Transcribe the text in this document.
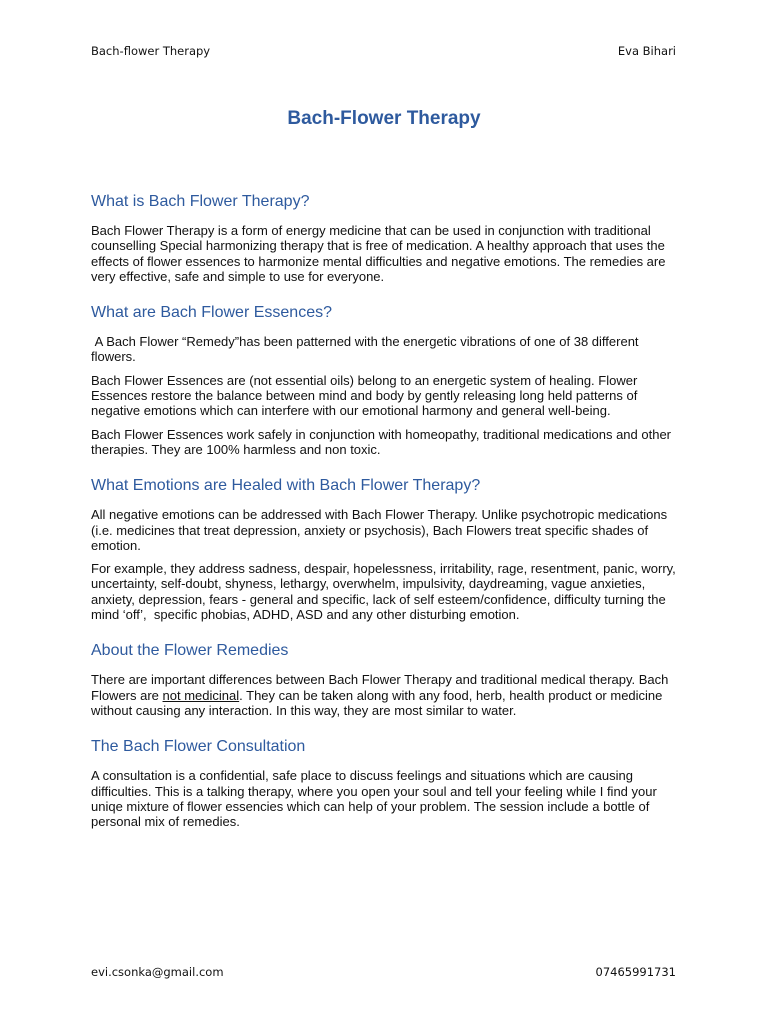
Bach-flower Therapy	Eva Bihari
Bach-Flower Therapy
What is Bach Flower Therapy?

Bach Flower Therapy is a form of energy medicine that can be used in conjunction with traditional counselling Special harmonizing therapy that is free of medication. A healthy approach that uses the effects of flower essences to harmonize mental difficulties and negative emotions. The remedies are very effective, safe and simple to use for everyone.

What are Bach Flower Essences?

A Bach Flower “Remedy”has been patterned with the energetic vibrations of one of 38 different flowers.

Bach Flower Essences are (not essential oils) belong to an energetic system of healing. Flower Essences restore the balance between mind and body by gently releasing long held patterns of negative emotions which can interfere with our emotional harmony and general well-being.

Bach Flower Essences work safely in conjunction with homeopathy, traditional medications and other therapies. They are 100% harmless and non toxic.

What Emotions are Healed with Bach Flower Therapy?

All negative emotions can be addressed with Bach Flower Therapy. Unlike psychotropic medications (i.e. medicines that treat depression, anxiety or psychosis), Bach Flowers treat specific shades of emotion.

For example, they address sadness, despair, hopelessness, irritability, rage, resentment, panic, worry,  uncertainty, self-doubt, shyness, lethargy, overwhelm, impulsivity, daydreaming, vague anxieties, anxiety, depression, fears - general and specific, lack of self esteem/confidence, difficulty turning the mind ‘off’,  specific phobias, ADHD, ASD and any other disturbing emotion.

About the Flower Remedies

There are important differences between Bach Flower Therapy and traditional medical therapy. Bach Flowers are not medicinal. They can be taken along with any food, herb, health product or medicine without causing any interaction. In this way, they are most similar to water.

The Bach Flower Consultation

A consultation is a confidential, safe place to discuss feelings and situations which are causing difficulties. This is a talking therapy, where you open your soul and tell your feeling while I find your uniqe mixture of flower essencies which can help of your problem. The session include a bottle of personal mix of remedies.

evi.csonka@gmail.com	07465991731
